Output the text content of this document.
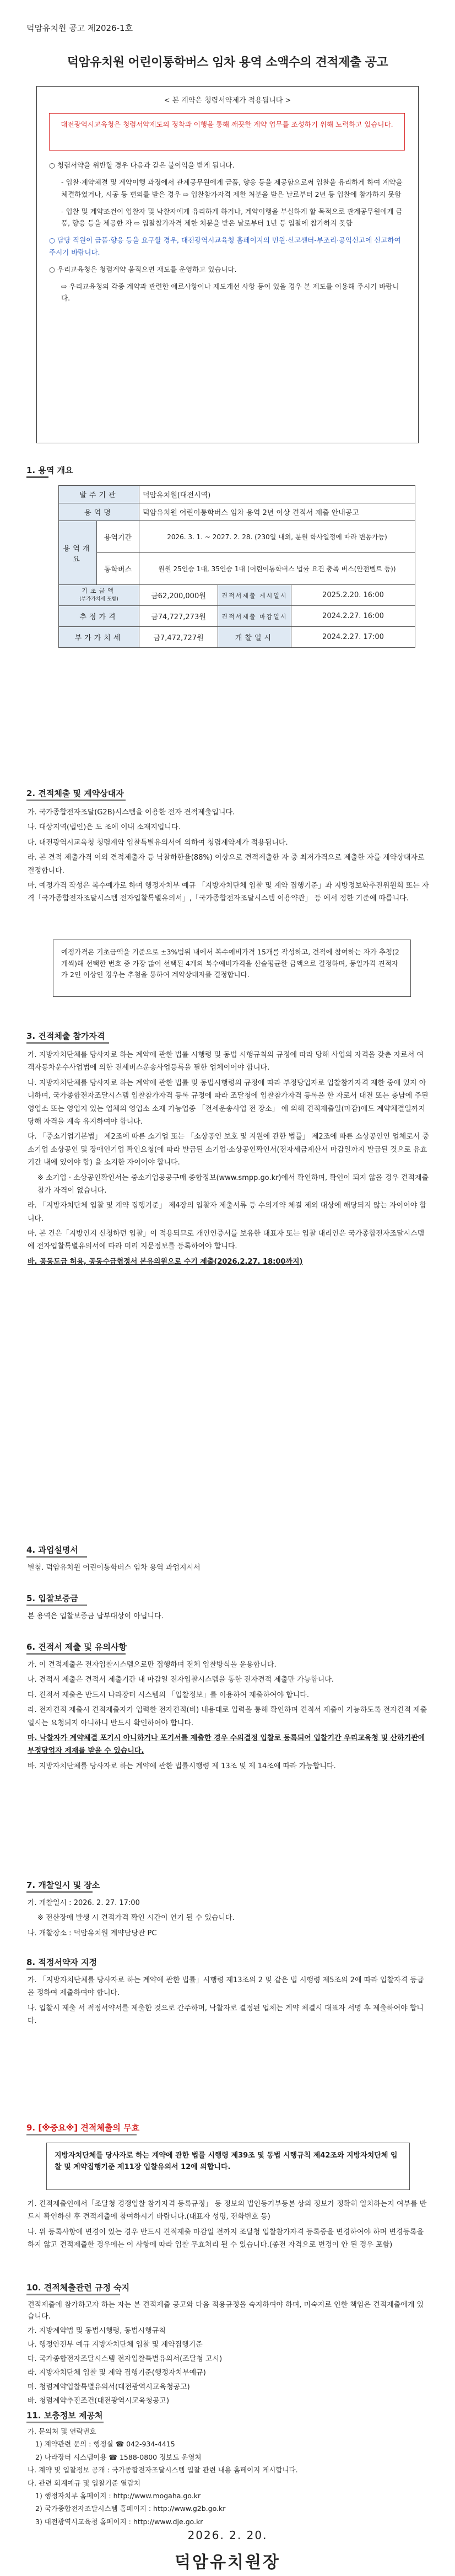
덕암유치원 공고 제2026-1호
덕암유치원 어린이통학버스 임차 용역 소액수의 견적제출 공고
< 본 계약은 청렴서약제가 적용됩니다 >
대전광역시교육청은 청렴서약제도의 정착과 이행을 통해 깨끗한 계약 업무를 조성하기 위해 노력하고 있습니다.

○ 청렴서약을 위반할 경우 다음과 같은 불이익을 받게 됩니다.

- 입찰·계약체결 및 계약이행 과정에서 관계공무원에게 금품, 향응 등을 제공함으로써 입찰을 유리하게 하여 계약을 체결하였거나, 시공 등 편의를 받은 경우 ⇨ 입찰참가자격 제한 처분을 받은 날로부터 2년 등 입찰에 참가하지 못함

- 입찰 및 계약조건이 입찰자 및 낙찰자에게 유리하게 하거나, 계약이행을 부실하게 할 목적으로 관계공무원에게 금품, 향응 등을 제공한 자 ⇨ 입찰참가자격 제한 처분을 받은 날로부터 1년 등 입찰에 참가하지 못함

○ 담당 직원이 금품·향응 등을 요구할 경우, 대전광역시교육청 홈페이지의 민원·신고센터-부조리·공익신고에 신고하여 주시기 바랍니다.

○ 우리교육청은 청렴계약 움직으면 재도를 운영하고 있습니다.

⇨ 우리교육청의 각종 계약과 관련한 애로사항이나 제도개선 사항 등이 있을 경우 본 제도를 이용해 주시기 바랍니다.

1. 용역 개요
발주기관		덕암유치원(대전시역)		
용역명		덕암유치원 어린이통학버스 임차 용역 2년 이상 견적서 제출 안내공고		
용역개요	용역기간	2026. 3. 1. ~ 2027. 2. 28. (230일 내외, 분원 학사일정에 따라 변동가능)		
	통학버스	원원 25인승 1대, 35인승 1대 (어린이통학버스 법률 요건 충족 버스(안전벨트 등))		
기초금액
(부가가치세 포함)		금62,200,000원	견적서제출 게시일시	2025.2.20. 16:00
추정가격		금74,727,273원	견적서제출 마감일시	2024.2.27. 16:00
부가가치세		금7,472,727원	개찰일시	2024.2.27. 17:00
2. 견적체출 및 계약상대자

가. 국가종합전자조달(G2B)시스템을 이용한 전자 견적제출입니다.

나. 대상지역(법인)은 도 조에 이내 소재지입니다.

다. 대전광역시교육청 청렴계약 입찰특별유의서에 의하여 청렴계약제가 적용됩니다.

라. 본 견적 제출가격 이외 견적제출자 등 낙찰하한율(88%) 이상으로 견적제출한 자 중 최저가격으로 제출한 자를 계약상대자로 결정합니다.

마. 예정가격 작성은 복수예가로 하며 행정자치부 예규 「지방자치단체 입찰 및 계약 집행기준」과 지방정보화추진위원회 또는 자격「국가종합전자조달시스템 전자입찰특별유의서」,「국가종합전자조달시스템 이용약관」 등 에서 정한 기준에 따릅니다.

예정가격은 기초금액을 기준으로 ±3%범위 내에서 복수예비가격 15개를 작성하고, 견적에 참여하는 자가 추첨(2개씩)해 선택한 번호 중 가장 많이 선택된 4개의 복수예비가격을 산술평균한 금액으로 결정하며, 동일가격 견적자가 2인 이상인 경우는 추첨을 통하여 계약상대자를 결정합니다.
3. 견적체출 참가자격

가. 지방자치단체를 당사자로 하는 계약에 관한 법률 시행령 및 동법 시행규칙의 규정에 따라 당해 사업의 자격을 갖춘 자로서 여객자동차운수사업법에 의한 전세버스운송사업등록을 필한 업체이어야 합니다.

나. 지방자치단체를 당사자로 하는 계약에 관한 법률 및 동법시행령의 규정에 따라 부정당업자로 입찰참가자격 제한 중에 있지 아니하며, 국가종합전자조달시스템 입찰참가자격 등록 규정에 따라 조달청에 입찰참가자격 등록을 한 자로서 대전 또는 충남에 주된 영업소 또는 영업지 있는 업체의 영업소 소재 가능업종 「전세운송사업 전 장소」 에 의해 견적제출일(마감)에도 계약체결일까지 당해 자격을 계속 유지하여야 합니다.

다. 「중소기업기본법」 제2조에 따른 소기업 또는 「소상공인 보호 및 지원에 관한 법률」 제2조에 따른 소상공인인 업체로서 중소기업 소상공인 및 장애인기업 확인요청(에 따라 발급된 소기업·소상공인확인서(전자세금계산서 마감일까지 발급된 것으로 유효기간 내에 있어야 함) 을 소지한 자이어야 합니다.

※ 소기업 · 소상공인확인서는 중소기업공공구매 종합정보(www.smpp.go.kr)에서 확인하며, 확인이 되지 않을 경우 견적제출 참가 자격이 없습니다.

라. 「지방자치단체 입찰 및 계약 집행기준」 제4장의 입찰자 제출서류 등 수의계약 체결 제외 대상에 해당되지 않는 자이어야 합니다.

마. 본 건은「지방인지 신청하던 입찰」이 적용되므로 개인인증서를 보유한 대표자 또는 입찰 대리인은 국가종합전자조달시스템에 전자입찰특별유의서에 따라 미리 지문정보를 등록하여야 합니다.

바. 공동도급 허용, 공동수급협정서 본유의원으로 수기 제출(2026.2.27. 18:00까지)

4. 과업설명서
별첨. 덕암유치원 어린이통학버스 임차 용역 과업지시서
5. 입찰보증금
본 용역은 입찰보증금 납부대상이 아닙니다.
6. 견적서 제출 및 유의사항

가. 이 견적제출은 전자입찰시스템으로만 집행하며 전체 입찰방식을 운용합니다.

나. 견적서 제출은 견적서 제출기간 내 마감일 전자입찰시스템을 통한 전자견적 제출만 가능합니다.

다. 견적서 제출은 반드시 나라장터 시스템의 「입찰정보」를 이용하여 제출하여야 합니다.

라. 전자견적 제출시 견적제출자가 입력한 전자견적(비) 내용대로 입력을 통해 확인하며 견적서 제출이 가능하도록 전자견적 제출 일시는 요청되지 아니하니 반드시 확인하여야 합니다.

마. 낙찰자가 계약체결 포기시 아니하거나 포기서를 제출한 경우 수의결정 입찰로 등록되어 입찰기간 우리교육청 및 산하기관에 부정당업자 제재를 받을 수 있습니다.

바. 지방자치단체를 당사자로 하는 계약에 관한 법률시행령 제 13조 및 제 14조에 따라 가능합니다.

7. 개찰일시 및 장소

가. 개찰일시 : 2026. 2. 27. 17:00

※ 전산장애 발생 시 견적가격 확인 시간이 연기 될 수 있습니다.

나. 개찰장소 : 덕암유치원 계약담당관 PC

8. 적정서약자 지정

가. 「지방자치단체를 당사자로 하는 계약에 관한 법률」시행령 제13조의 2 및 같은 법 시행령 제5조의 2에 따라 입찰자격 등급을 정하여 제출하여야 합니다.

나. 입찰시 제출 서 적정서약서를 제출한 것으로 간주하며, 낙찰자로 결정된 업체는 계약 체결시 대표자 서명 후 제출하여야 합니다.

9. [※중요※] 견적체출의 무효
지방자치단체를 당사자로 하는 계약에 관한 법률 시행령 제39조 및 동법 시행규칙 제42조와 지방자치단체 입찰 및 계약집행기준 제11장 입찰유의서 12에 의합니다.

가. 견적제출인에서「조달청 경쟁입찰 참가자격 등록규정」 등 정보의 법인등기부등본 상의 정보가 정확히 일치하는지 여부를 반드시 확인하신 후 견적제출에 참여하시기 바랍니다.(대표자 성명, 전화번호 등)

나. 위 등록사항에 변경이 있는 경우 반드시 견적제출 마감일 전까지 조달청 입찰참가자격 등록증을 변경하여야 하며 변경등록을 하지 않고 견적제출한 경우에는 이 사항에 따라 입찰 무효처리 될 수 있습니다.(종전 자격으로 변경이 안 된 경우 포함)

10. 견적체출관련 규정 숙지

견적제출에 참가하고자 하는 자는 본 견적제출 공고와 다음 적용규정을 숙지하여야 하며, 미숙지로 인한 책임은 견적제출에게 있습니다.

가. 지방계약법 및 동법시행령, 동법시행규칙

나. 행정안전부 예규 지방자치단체 입찰 및 계약집행기준

다. 국가종합전자조달시스템 전자입찰특별유의서(조달청 고시)

라. 지방자치단체 입찰 및 계약 집행기준(행정자치부예규)

마. 청렴계약입찰특별유의서(대전광역시교육청공고)

바. 청렴계약추진조건(대전광역시교육청공고)

11. 보충정보 제공처

가. 문의처 및 연락번호

1) 계약관련 문의 : 행정실 ☎ 042-934-4415

2) 나라장터 시스템이용 ☎ 1588-0800 정보도 운영처

나. 계약 및 입찰정보 공개 : 국가종합전자조달시스템 입찰 관련 내용 홈페이지 게시합니다.

다. 관련 회계예규 및 입찰기준 열람처

1) 행정자치부 홈페이지 : http://www.mogaha.go.kr

2) 국가종합전자조달시스템 홈페이지 : http://www.g2b.go.kr

3) 대전광역시교육청 홈페이지 : http://www.dje.go.kr

2026. 2. 20.
덕암유치원장
